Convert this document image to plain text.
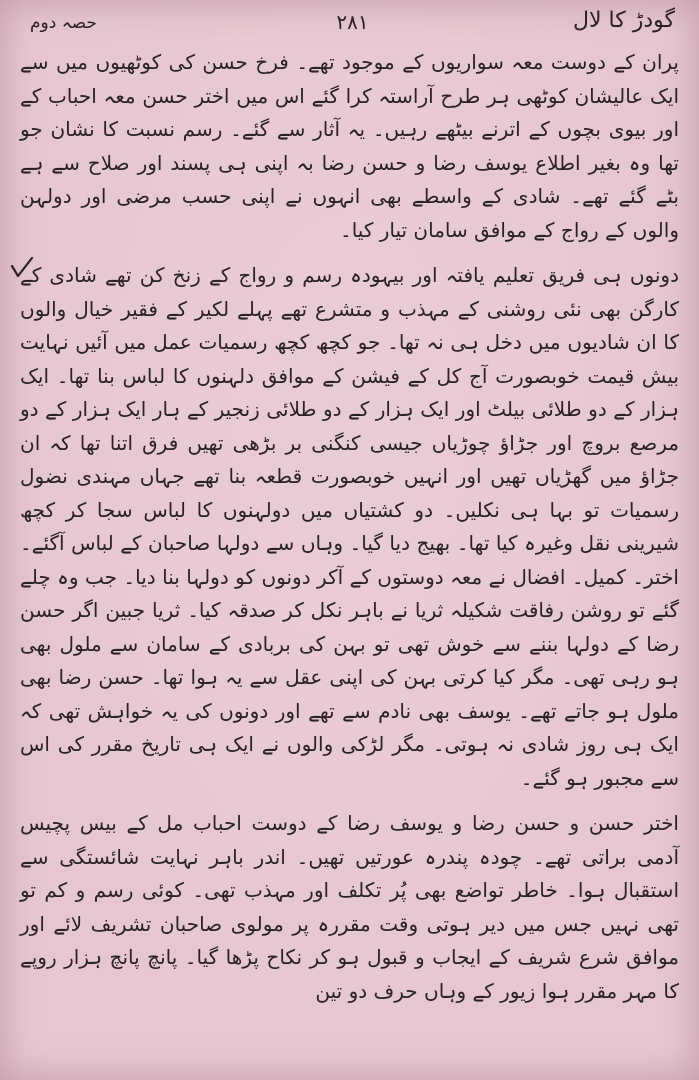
حصہ دوم	۲۸۱	گودڑ کا لال

پران کے دوست معہ سواریوں کے موجود تھے۔ فرخ حسن کی کوٹھیوں میں سے ایک عالیشان کوٹھی ہر طرح آراستہ کرا گئے اس میں اختر حسن معہ احباب کے اور بیوی بچوں کے اترنے بیٹھے رہیں۔ یہ آثار سے گئے۔ رسم نسبت کا نشان جو تھا وہ بغیر اطلاع یوسف رضا و حسن رضا بہ اپنی ہی پسند اور صلاح سے ہے بٹے گئے تھے۔ شادی کے واسطے بھی انہوں نے اپنی حسب مرضی اور دولہن والوں کے رواج کے موافق سامان تیار کیا۔

دونوں ہی فریق تعلیم یافتہ اور بیہودہ رسم و رواج کے زنخ کن تھے شادی کے کارگن بھی نئی روشنی کے مہذب و متشرع تھے پہلے لکیر کے فقیر خیال والوں کا ان شادیوں میں دخل ہی نہ تھا۔ جو کچھ کچھ رسمیات عمل میں آئیں نہایت بیش قیمت خوبصورت آج کل کے فیشن کے موافق دلہنوں کا لباس بنا تھا۔ ایک ہزار کے دو طلائی بیلٹ اور ایک ہزار کے دو طلائی زنجیر کے ہار ایک ہزار کے دو مرصع بروچ اور جڑاؤ چوڑیاں جیسی کنگنی بر بڑھی تھیں فرق اتنا تھا کہ ان جڑاؤ میں گھڑیاں تھیں اور انہیں خوبصورت قطعہ بنا تھے جہاں مہندی نضول رسمیات تو بہا ہی نکلیں۔ دو کشتیاں میں دولہنوں کا لباس سجا کر کچھ شیرینی نقل وغیرہ کیا تھا۔ بھیج دیا گیا۔ وہاں سے دولہا صاحبان کے لباس آگئے۔ اختر۔ کمیل۔ افضال نے معہ دوستوں کے آکر دونوں کو دولہا بنا دیا۔ جب وہ چلے گئے تو روشن رفاقت شکیلہ ثریا نے باہر نکل کر صدقہ کیا۔ ثریا جبین اگر حسن رضا کے دولہا بننے سے خوش تھی تو بہن کی بربادی کے سامان سے ملول بھی ہو رہی تھی۔ مگر کیا کرتی بہن کی اپنی عقل سے یہ ہوا تھا۔ حسن رضا بھی ملول ہو جاتے تھے۔ یوسف بھی نادم سے تھے اور دونوں کی یہ خواہش تھی کہ ایک ہی روز شادی نہ ہوتی۔ مگر لڑکی والوں نے ایک ہی تاریخ مقرر کی اس سے مجبور ہو گئے۔

اختر حسن و حسن رضا و یوسف رضا کے دوست احباب مل کے بیس پچیس آدمی براتی تھے۔ چودہ پندرہ عورتیں تھیں۔ اندر باہر نہایت شائستگی سے استقبال ہوا۔ خاطر تواضع بھی پُر تکلف اور مہذب تھی۔ کوئی رسم و کم تو تھی نہیں جس میں دیر ہوتی وقت مقررہ پر مولوی صاحبان تشریف لائے اور موافق شرع شریف کے ایجاب و قبول ہو کر نکاح پڑھا گیا۔ پانچ پانچ ہزار روپے کا مہر مقرر ہوا زیور کے وہاں حرف دو تین
